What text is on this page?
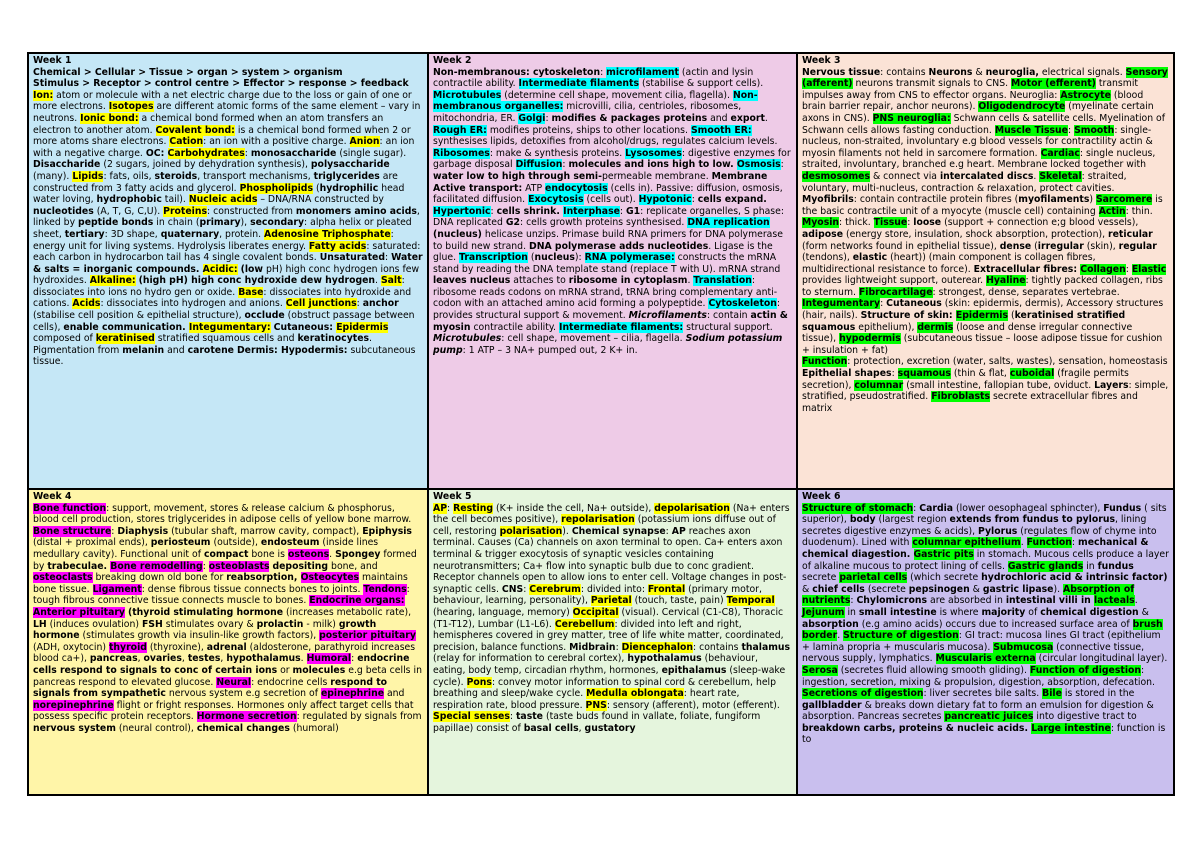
Week 1

Chemical > Cellular > Tissue > organ > system > organism

Stimulus > Receptor > control centre > Effector > response > feedback

Ion: atom or molecule with a net electric charge due to the loss or gain of one or more electrons. Isotopes are different atomic forms of the same element – vary in neutrons. Ionic bond: a chemical bond formed when an atom transfers an electron to another atom. Covalent bond: is a chemical bond formed when 2 or more atoms share electrons. Cation: an ion with a positive charge. Anion: an ion with a negative charge. OC: Carbohydrates: monosaccharide (single sugar). Disaccharide (2 sugars, joined by dehydration synthesis), polysaccharide (many). Lipids: fats, oils, steroids, transport mechanisms, triglycerides are constructed from 3 fatty acids and glycerol. Phospholipids (hydrophilic head water loving, hydrophobic tail). Nucleic acids – DNA/RNA constructed by nucleotides (A, T, G, C,U). Proteins: constructed from monomers amino acids, linked by peptide bonds in chain (primary), secondary: alpha helix or pleated sheet, tertiary: 3D shape, quaternary, protein. Adenosine Triphosphate: energy unit for living systems. Hydrolysis liberates energy. Fatty acids: saturated: each carbon in hydrocarbon tail has 4 single covalent bonds. Unsaturated: Water & salts = inorganic compounds. Acidic: (low pH) high conc hydrogen ions few hydroxides. Alkaline: (high pH) high conc hydroxide dew hydrogen. Salt: dissociates into ions no hydro gen or oxide. Base: dissociates into hydroxide and cations. Acids: dissociates into hydrogen and anions. Cell junctions: anchor (stabilise cell position & epithelial structure), occlude (obstruct passage between cells), enable communication. Integumentary: Cutaneous: Epidermis composed of keratinised stratified squamous cells and keratinocytes. Pigmentation from melanin and carotene Dermis: Hypodermis: subcutaneous tissue.

Week 2

Non-membranous: cytoskeleton: microfilament (actin and lysin contractile ability. Intermediate filaments (stabilise & support cells). Microtubules (determine cell shape, movement cilia, flagella). Non-membranous organelles: microvilli, cilia, centrioles, ribosomes, mitochondria, ER. Golgi: modifies & packages proteins and export. Rough ER: modifies proteins, ships to other locations. Smooth ER: synthesises lipids, detoxifies from alcohol/drugs, regulates calcium levels. Ribosomes: make & synthesis proteins. Lysosomes: digestive enzymes for garbage disposal Diffusion: molecules and ions high to low. Osmosis: water low to high through semi-permeable membrane. Membrane Active transport: ATP endocytosis (cells in). Passive: diffusion, osmosis, facilitated diffusion. Exocytosis (cells out). Hypotonic: cells expand. Hypertonic: cells shrink. Interphase: G1: replicate organelles, S phase: DNA replicated G2: cells growth proteins synthesised. DNA replication (nucleus) helicase unzips. Primase build RNA primers for DNA polymerase to build new strand. DNA polymerase adds nucleotides. Ligase is the glue. Transcription (nucleus): RNA polymerase: constructs the mRNA stand by reading the DNA template stand (replace T with U). mRNA strand leaves nucleus attaches to ribosome in cytoplasm. Translation: ribosome reads codons on mRNA strand, tRNA bring complementary anti-codon with an attached amino acid forming a polypeptide. Cytoskeleton: provides structural support & movement. Microfilaments: contain actin & myosin contractile ability. Intermediate filaments: structural support. Microtubules: cell shape, movement – cilia, flagella. Sodium potassium pump: 1 ATP – 3 NA+ pumped out, 2 K+ in.

Week 3

Nervous tissue: contains Neurons & neuroglia, electrical signals. Sensory (afferent) neurons transmit signals to CNS. Motor (efferent) transmit impulses away from CNS to effector organs. Neuroglia: Astrocyte (blood brain barrier repair, anchor neurons). Oligodendrocyte (myelinate certain axons in CNS). PNS neuroglia: Schwann cells & satellite cells. Myelination of Schwann cells allows fasting conduction. Muscle Tissue: Smooth: single-nucleus, non-straited, involuntary e.g blood vessels for contractility actin & myosin filaments not held in sarcomere formation. Cardiac: single nucleus, straited, involuntary, branched e.g heart. Membrane locked together with desmosomes & connect via intercalated discs. Skeletal: straited, voluntary, multi-nucleus, contraction & relaxation, protect cavities. Myofibrils: contain contractile protein fibres (myofilaments) Sarcomere is the basic contractile unit of a myocyte (muscle cell) containing Actin: thin. Myosin: thick. Tissue: loose (support + connection e;g blood vessels), adipose (energy store, insulation, shock absorption, protection), reticular (form networks found in epithelial tissue), dense (irregular (skin), regular (tendons), elastic (heart)) (main component is collagen fibres, multidirectional resistance to force). Extracellular fibres: Collagen: Elastic provides lightweight support, outerear. Hyaline: tightly packed collagen, ribs to sternum. Fibrocartilage: strongest, dense, separates vertebrae. Integumentary: Cutaneous (skin: epidermis, dermis), Accessory structures (hair, nails). Structure of skin: Epidermis (keratinised stratified squamous epithelium), dermis (loose and dense irregular connective tissue), hypodermis (subcutaneous tissue – loose adipose tissue for cushion + insulation + fat)

Function: protection, excretion (water, salts, wastes), sensation, homeostasis

Epithelial shapes: squamous (thin & flat, cuboidal (fragile permits secretion), columnar (small intestine, fallopian tube, oviduct. Layers: simple, stratified, pseudostratified. Fibroblasts secrete extracellular fibres and matrix

Week 4

Bone function: support, movement, stores & release calcium & phosphorus, blood cell production, stores triglycerides in adipose cells of yellow bone marrow. Bone structure: Diaphysis (tubular shaft, marrow cavity, compact), Epiphysis (distal + proximal ends), periosteum (outside), endosteum (inside lines medullary cavity). Functional unit of compact bone is osteons. Spongey formed by trabeculae. Bone remodelling: osteoblasts depositing bone, and osteoclasts breaking down old bone for reabsorption, Osteocytes maintains bone tissue. Ligament: dense fibrous tissue connects bones to joints. Tendons: tough fibrous connective tissue connects muscle to bones. Endocrine organs: Anterior pituitary (thyroid stimulating hormone (increases metabolic rate), LH (induces ovulation) FSH stimulates ovary & prolactin - milk) growth hormone (stimulates growth via insulin-like growth factors), posterior pituitary (ADH, oxytocin) thyroid (thyroxine), adrenal (aldosterone, parathyroid increases blood ca+), pancreas, ovaries, testes, hypothalamus. Humoral: endocrine cells respond to signals to conc of certain ions or molecules e.g beta cells in pancreas respond to elevated glucose. Neural: endocrine cells respond to signals from sympathetic nervous system e.g secretion of epinephrine and norepinephrine flight or fright responses. Hormones only affect target cells that possess specific protein receptors. Hormone secretion: regulated by signals from nervous system (neural control), chemical changes (humoral)

Week 5

AP: Resting (K+ inside the cell, Na+ outside), depolarisation (Na+ enters the cell becomes positive), repolarisation (potassium ions diffuse out of cell, restoring polarisation). Chemical synapse: AP reaches axon terminal. Causes (Ca) channels on axon terminal to open. Ca+ enters axon terminal & trigger exocytosis of synaptic vesicles containing neurotransmitters; Ca+ flow into synaptic bulb due to conc gradient. Receptor channels open to allow ions to enter cell. Voltage changes in post-synaptic cells. CNS: Cerebrum: divided into: Frontal (primary motor, behaviour, learning, personality), Parietal (touch, taste, pain) Temporal (hearing, language, memory) Occipital (visual). Cervical (C1-C8), Thoracic (T1-T12), Lumbar (L1-L6). Cerebellum: divided into left and right, hemispheres covered in grey matter, tree of life white matter, coordinated, precision, balance functions. Midbrain: Diencephalon: contains thalamus (relay for information to cerebral cortex), hypothalamus (behaviour, eating, body temp, circadian rhythm, hormones, epithalamus (sleep-wake cycle). Pons: convey motor information to spinal cord & cerebellum, help breathing and sleep/wake cycle. Medulla oblongata: heart rate, respiration rate, blood pressure. PNS: sensory (afferent), motor (efferent). Special senses: taste (taste buds found in vallate, foliate, fungiform papillae) consist of basal cells, gustatory

Week 6

Structure of stomach: Cardia (lower oesophageal sphincter), Fundus ( sits superior), body (largest region extends from fundus to pylorus, lining secretes digestive enzymes & acids), Pylorus (regulates flow of chyme into duodenum). Lined with columnar epithelium. Function: mechanical & chemical diagestion. Gastric pits in stomach. Mucous cells produce a layer of alkaline mucous to protect lining of cells. Gastric glands in fundus secrete parietal cells (which secrete hydrochloric acid & intrinsic factor) & chief cells (secrete pepsinogen & gastric lipase). Absorption of nutrients: Chylomicrons are absorbed in intestinal villi in lacteals. Jejunum in small intestine is where majority of chemical digestion & absorption (e.g amino acids) occurs due to increased surface area of brush border. Structure of digestion: GI tract: mucosa lines GI tract (epithelium + lamina propria + muscularis mucosa). Submucosa (connective tissue, nervous supply, lymphatics. Muscularis externa (circular longitudinal layer). Serosa (secretes fluid allowing smooth gliding). Function of digestion: ingestion, secretion, mixing & propulsion, digestion, absorption, defecation. Secretions of digestion: liver secretes bile salts. Bile is stored in the gallbladder & breaks down dietary fat to form an emulsion for digestion & absorption. Pancreas secretes pancreatic juices into digestive tract to breakdown carbs, proteins & nucleic acids. Large intestine: function is to
